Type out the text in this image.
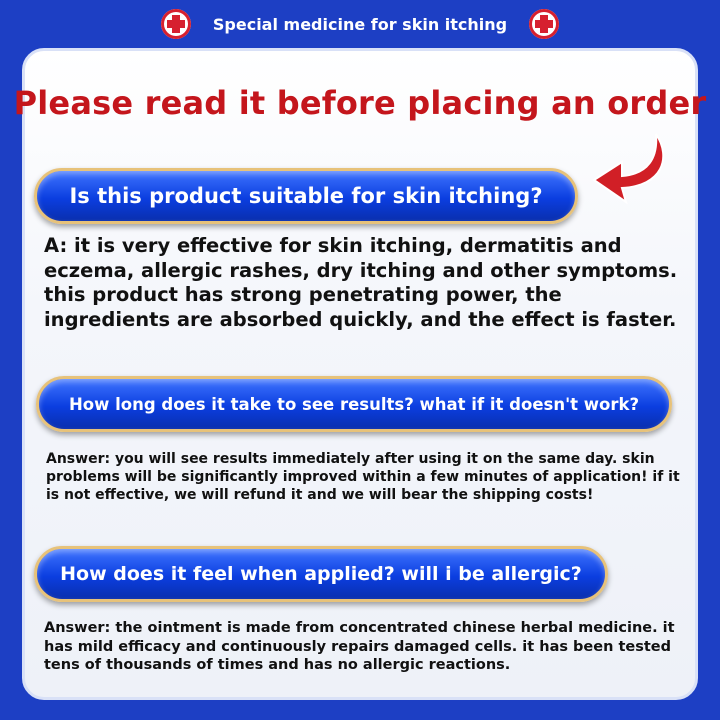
Special medicine for skin itching
Please read it before placing an order
Is this product suitable for skin itching?
A: it is very effective for skin itching, dermatitis and eczema, allergic rashes, dry itching and other symptoms. this product has strong penetrating power, the ingredients are absorbed quickly, and the effect is faster.
How long does it take to see results? what if it doesn't work?
Answer: you will see results immediately after using it on the same day. skin problems will be significantly improved within a few minutes of application! if it is not effective, we will refund it and we will bear the shipping costs!
How does it feel when applied? will i be allergic?
Answer: the ointment is made from concentrated chinese herbal medicine. it has mild efficacy and continuously repairs damaged cells. it has been tested tens of thousands of times and has no allergic reactions.
